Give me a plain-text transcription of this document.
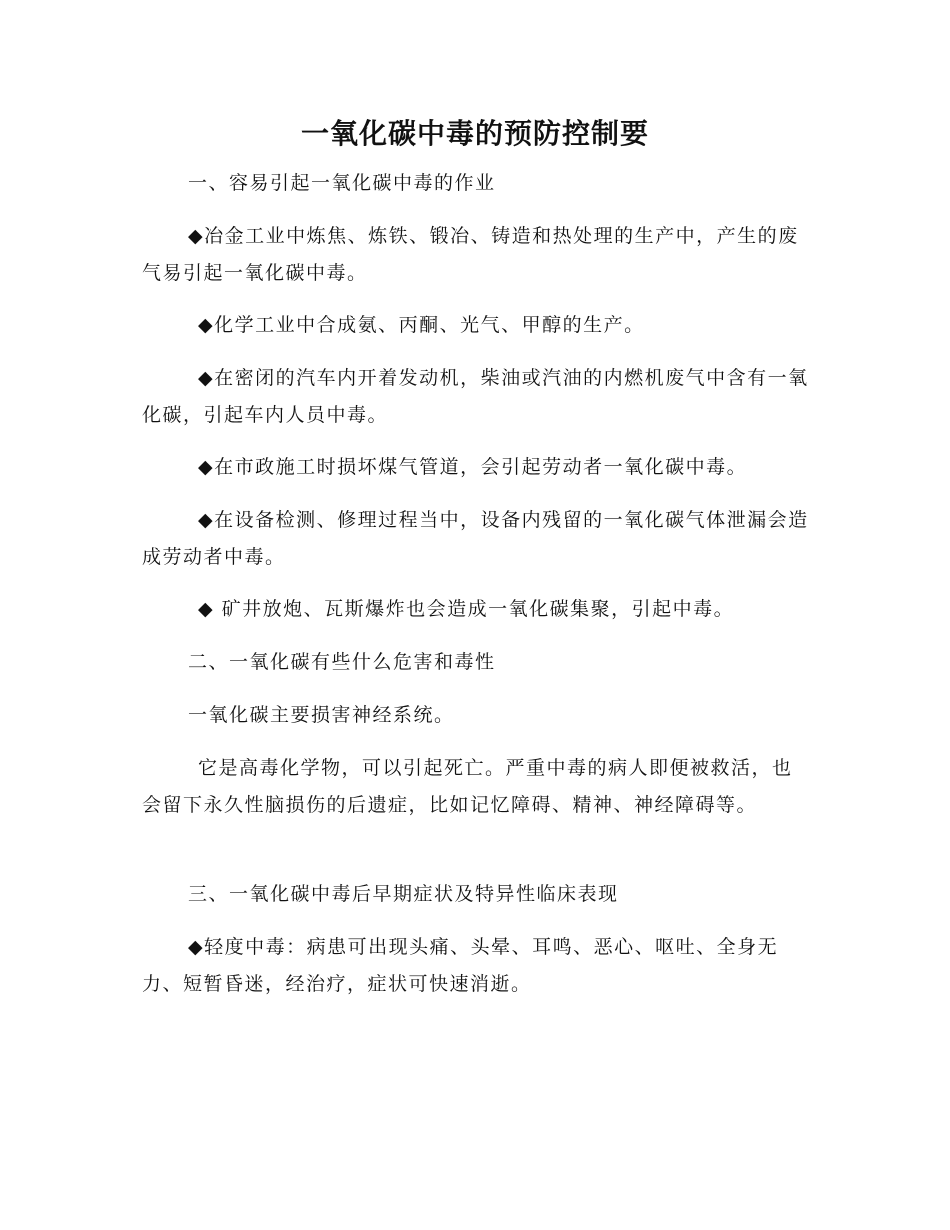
一氧化碳中毒的预防控制要

一、容易引起一氧化碳中毒的作业

◆冶金工业中炼焦、炼铁、锻冶、铸造和热处理的生产中，产生的废气易引起一氧化碳中毒。

◆化学工业中合成氨、丙酮、光气、甲醇的生产。

◆在密闭的汽车内开着发动机，柴油或汽油的内燃机废气中含有一氧化碳，引起车内人员中毒。

◆在市政施工时损坏煤气管道，会引起劳动者一氧化碳中毒。

◆在设备检测、修理过程当中，设备内残留的一氧化碳气体泄漏会造成劳动者中毒。

◆ 矿井放炮、瓦斯爆炸也会造成一氧化碳集聚，引起中毒。

二、一氧化碳有些什么危害和毒性

一氧化碳主要损害神经系统。

它是高毒化学物，可以引起死亡。严重中毒的病人即便被救活，也会留下永久性脑损伤的后遗症，比如记忆障碍、精神、神经障碍等。

三、一氧化碳中毒后早期症状及特异性临床表现

◆轻度中毒：病患可出现头痛、头晕、耳鸣、恶心、呕吐、全身无力、短暂昏迷，经治疗，症状可快速消逝。
